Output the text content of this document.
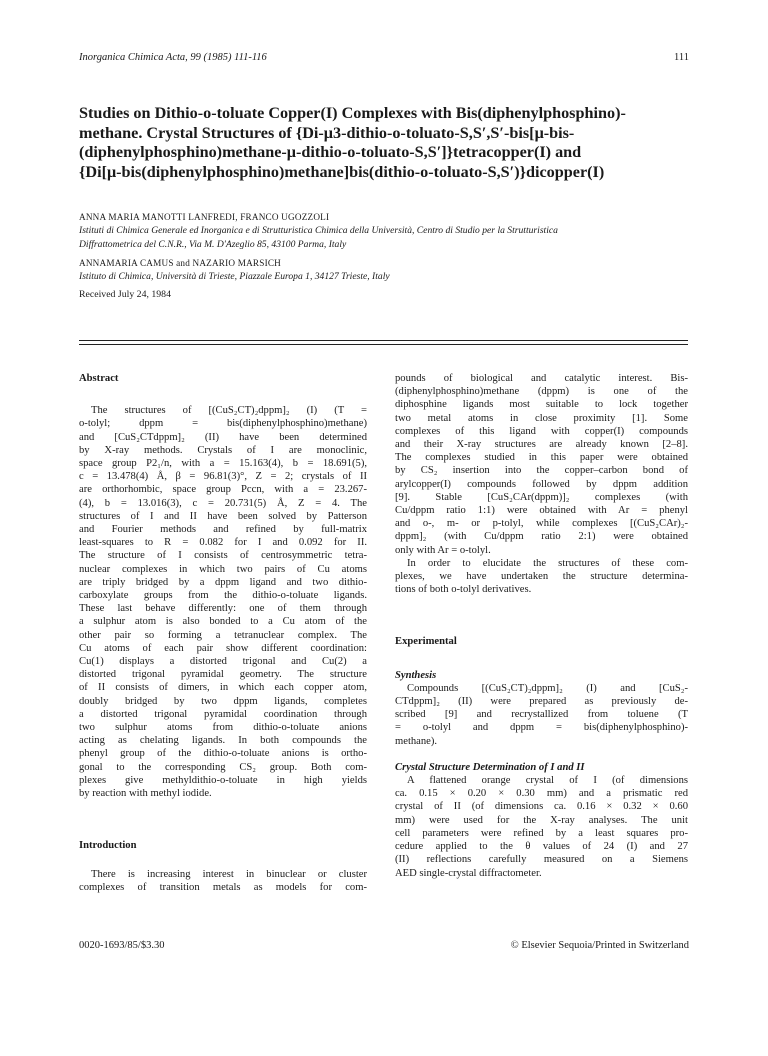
Inorganica Chimica Acta, 99 (1985) 111-116	111
Studies on Dithio-o-toluate Copper(I) Complexes with Bis(diphenylphosphino)-
methane. Crystal Structures of {Di-μ3-dithio-o-toluato-S,S′,S′-bis[μ-bis-
(diphenylphosphino)methane-μ-dithio-o-toluato-S,S′]}tetracopper(I) and
{Di[μ-bis(diphenylphosphino)methane]bis(dithio-o-toluato-S,S′)}dicopper(I)
ANNA MARIA MANOTTI LANFREDI, FRANCO UGOZZOLI
Istituti di Chimica Generale ed Inorganica e di Strutturistica Chimica della Università, Centro di Studio per la Strutturistica
Diffrattometrica del C.N.R., Via M. D'Azeglio 85, 43100 Parma, Italy
ANNAMARIA CAMUS and NAZARIO MARSICH
Istituto di Chimica, Università di Trieste, Piazzale Europa 1, 34127 Trieste, Italy
Received July 24, 1984
Abstract

The structures of [(CuS₂CT)₂dppm]₂ (I) (T =
o-tolyl; dppm = bis(diphenylphosphino)methane)
and [CuS₂CTdppm]₂ (II) have been determined
by X-ray methods. Crystals of I are monoclinic,
space group P2₁/n, with a = 15.163(4), b = 18.691(5),
c = 13.478(4) Å, β = 96.81(3)°, Z = 2; crystals of II
are orthorhombic, space group Pccn, with a = 23.267-
(4), b = 13.016(3), c = 20.731(5) Å, Z = 4. The
structures of I and II have been solved by Patterson
and Fourier methods and refined by full-matrix
least-squares to R = 0.082 for I and 0.092 for II.
The structure of I consists of centrosymmetric tetra-
nuclear complexes in which two pairs of Cu atoms
are triply bridged by a dppm ligand and two dithio-
carboxylate groups from the dithio-o-toluate ligands.
These last behave differently: one of them through
a sulphur atom is also bonded to a Cu atom of the
other pair so forming a tetranuclear complex. The
Cu atoms of each pair show different coordination:
Cu(1) displays a distorted trigonal and Cu(2) a
distorted trigonal pyramidal geometry. The structure
of II consists of dimers, in which each copper atom,
doubly bridged by two dppm ligands, completes
a distorted trigonal pyramidal coordination through
two sulphur atoms from dithio-o-toluate anions
acting as chelating ligands. In both compounds the
phenyl group of the dithio-o-toluate anions is ortho-
gonal to the corresponding CS₂ group. Both com-
plexes give methyldithio-o-toluate in high yields
by reaction with methyl iodide.

Introduction

There is increasing interest in binuclear or cluster
complexes of transition metals as models for com-

pounds of biological and catalytic interest. Bis-
(diphenylphosphino)methane (dppm) is one of the
diphosphine ligands most suitable to lock together
two metal atoms in close proximity [1]. Some
complexes of this ligand with copper(I) compounds
and their X-ray structures are already known [2–8].
The complexes studied in this paper were obtained
by CS₂ insertion into the copper–carbon bond of
arylcopper(I) compounds followed by dppm addition
[9]. Stable [CuS₂CAr(dppm)]₂ complexes (with
Cu/dppm ratio 1:1) were obtained with Ar = phenyl
and o-, m- or p-tolyl, while complexes [(CuS₂CAr)₂-
dppm]₂ (with Cu/dppm ratio 2:1) were obtained
only with Ar = o-tolyl.

In order to elucidate the structures of these com-
plexes, we have undertaken the structure determina-
tions of both o-tolyl derivatives.

Experimental
Synthesis

Compounds [(CuS₂CT)₂dppm]₂ (I) and [CuS₂-
CTdppm]₂ (II) were prepared as previously de-
scribed [9] and recrystallized from toluene (T
= o-tolyl and dppm = bis(diphenylphosphino)-
methane).

Crystal Structure Determination of I and II

A flattened orange crystal of I (of dimensions
ca. 0.15 × 0.20 × 0.30 mm) and a prismatic red
crystal of II (of dimensions ca. 0.16 × 0.32 × 0.60
mm) were used for the X-ray analyses. The unit
cell parameters were refined by a least squares pro-
cedure applied to the θ values of 24 (I) and 27
(II) reflections carefully measured on a Siemens
AED single-crystal diffractometer.

0020-1693/85/$3.30	© Elsevier Sequoia/Printed in Switzerland
